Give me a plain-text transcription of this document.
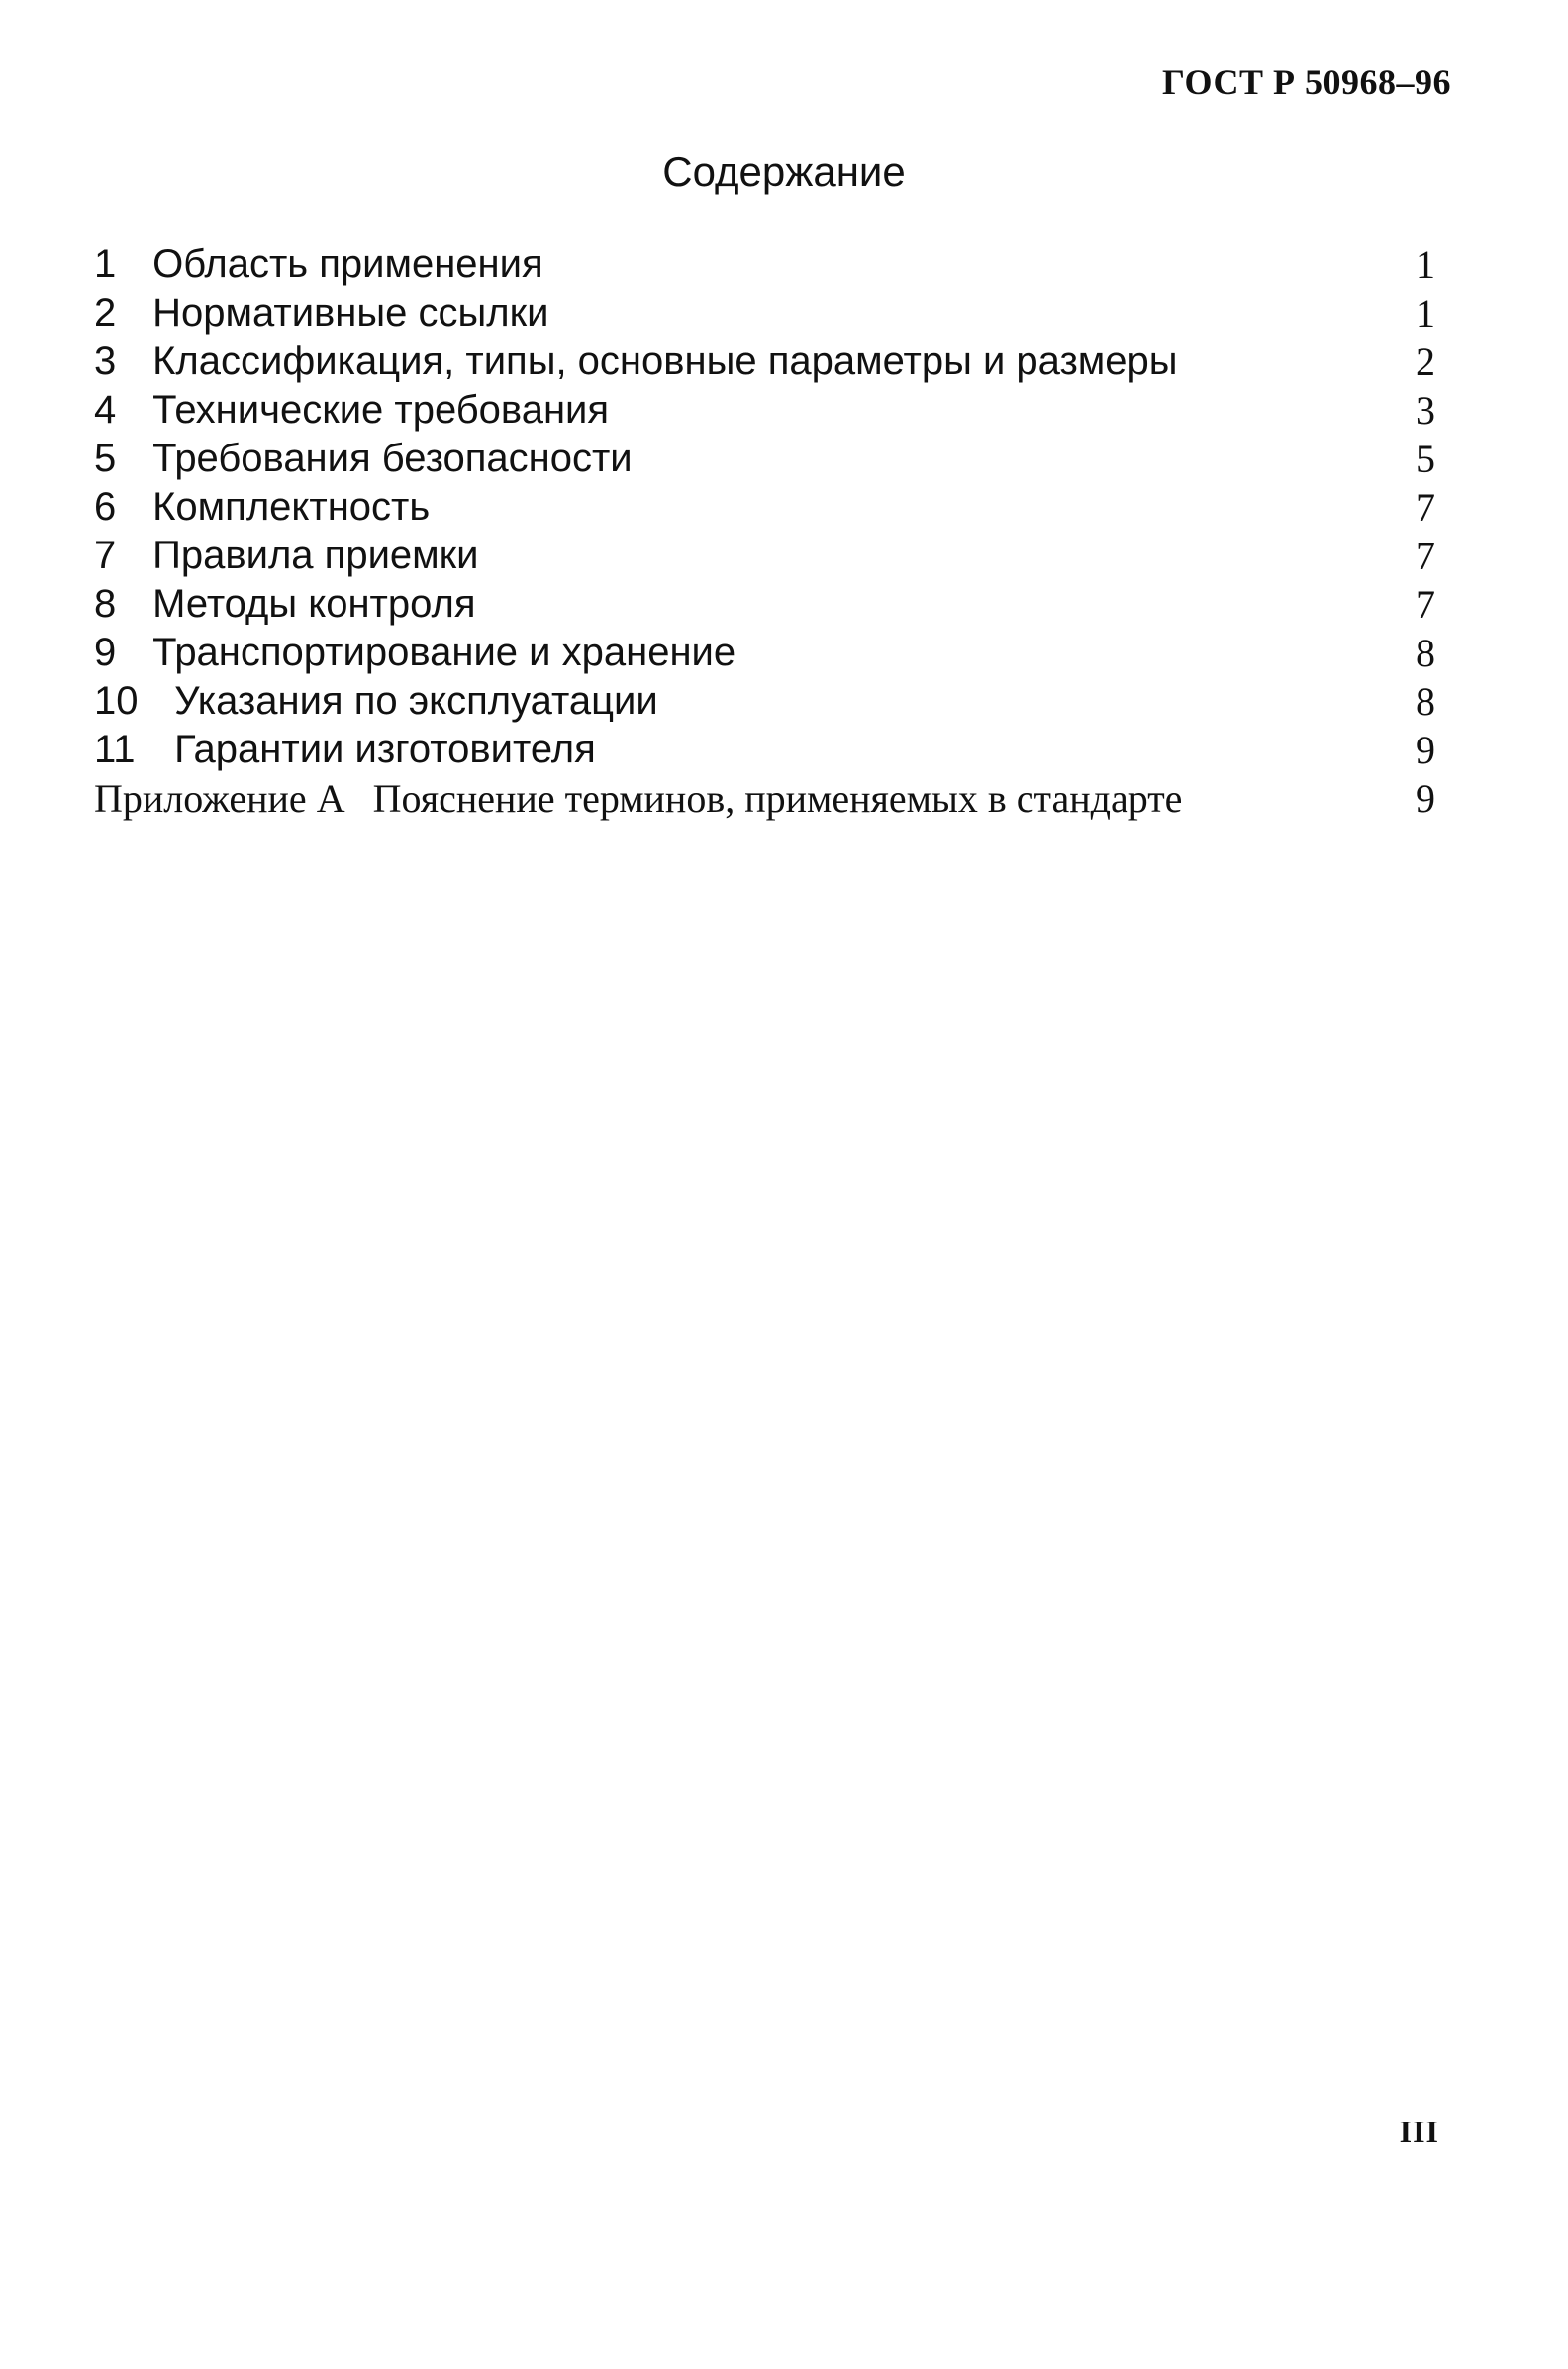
ГОСТ Р 50968–96
Содержание
1 Область применения	1
2 Нормативные ссылки	1
3 Классификация, типы, основные параметры и размеры	2
4 Технические требования	3
5 Требования безопасности	5
6 Комплектность	7
7 Правила приемки	7
8 Методы контроля	7
9 Транспортирование и хранение	8
10 Указания по эксплуатации	8
11 Гарантии изготовителя	9
Приложение А Пояснение терминов, применяемых в стандарте	9
III
